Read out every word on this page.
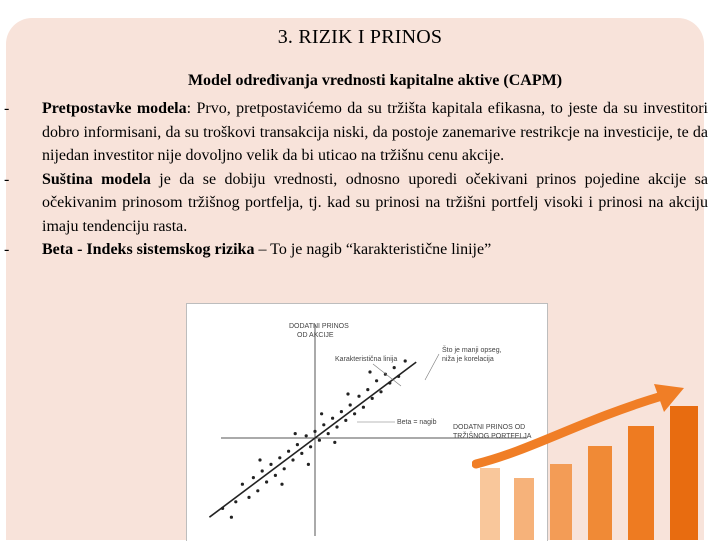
3. RIZIK I PRINOS
Model određivanja vrednosti kapitalne aktive (CAPM)
- Pretpostavke modela: Prvo, pretpostavićemo da su tržišta kapitala efikasna, to jeste da su investitori dobro informisani, da su troškovi transakcija niski, da postoje zanemarive restrikcje na investicije, te da nijedan investitor nije dovoljno velik da bi uticao na tržišnu cenu akcije.
- Suština modela je da se dobiju vrednosti, odnosno uporedi očekivani prinos pojedine akcije sa očekivanim prinosom tržišnog portfelja, tj. kad su prinosi na tržišni portfelj visoki i prinosi na akciju imaju tendenciju rasta.
- Beta - Indeks sistemskog rizika – To je nagib “karakteristične linije”
DODATNI PRINOS
OD AKCIJE
DODATNI PRINOS OD
TRŽIŠNOG PORTFELJA
Karakteristična linija
Što je manji opseg,
niža je korelacija
Beta = nagib
